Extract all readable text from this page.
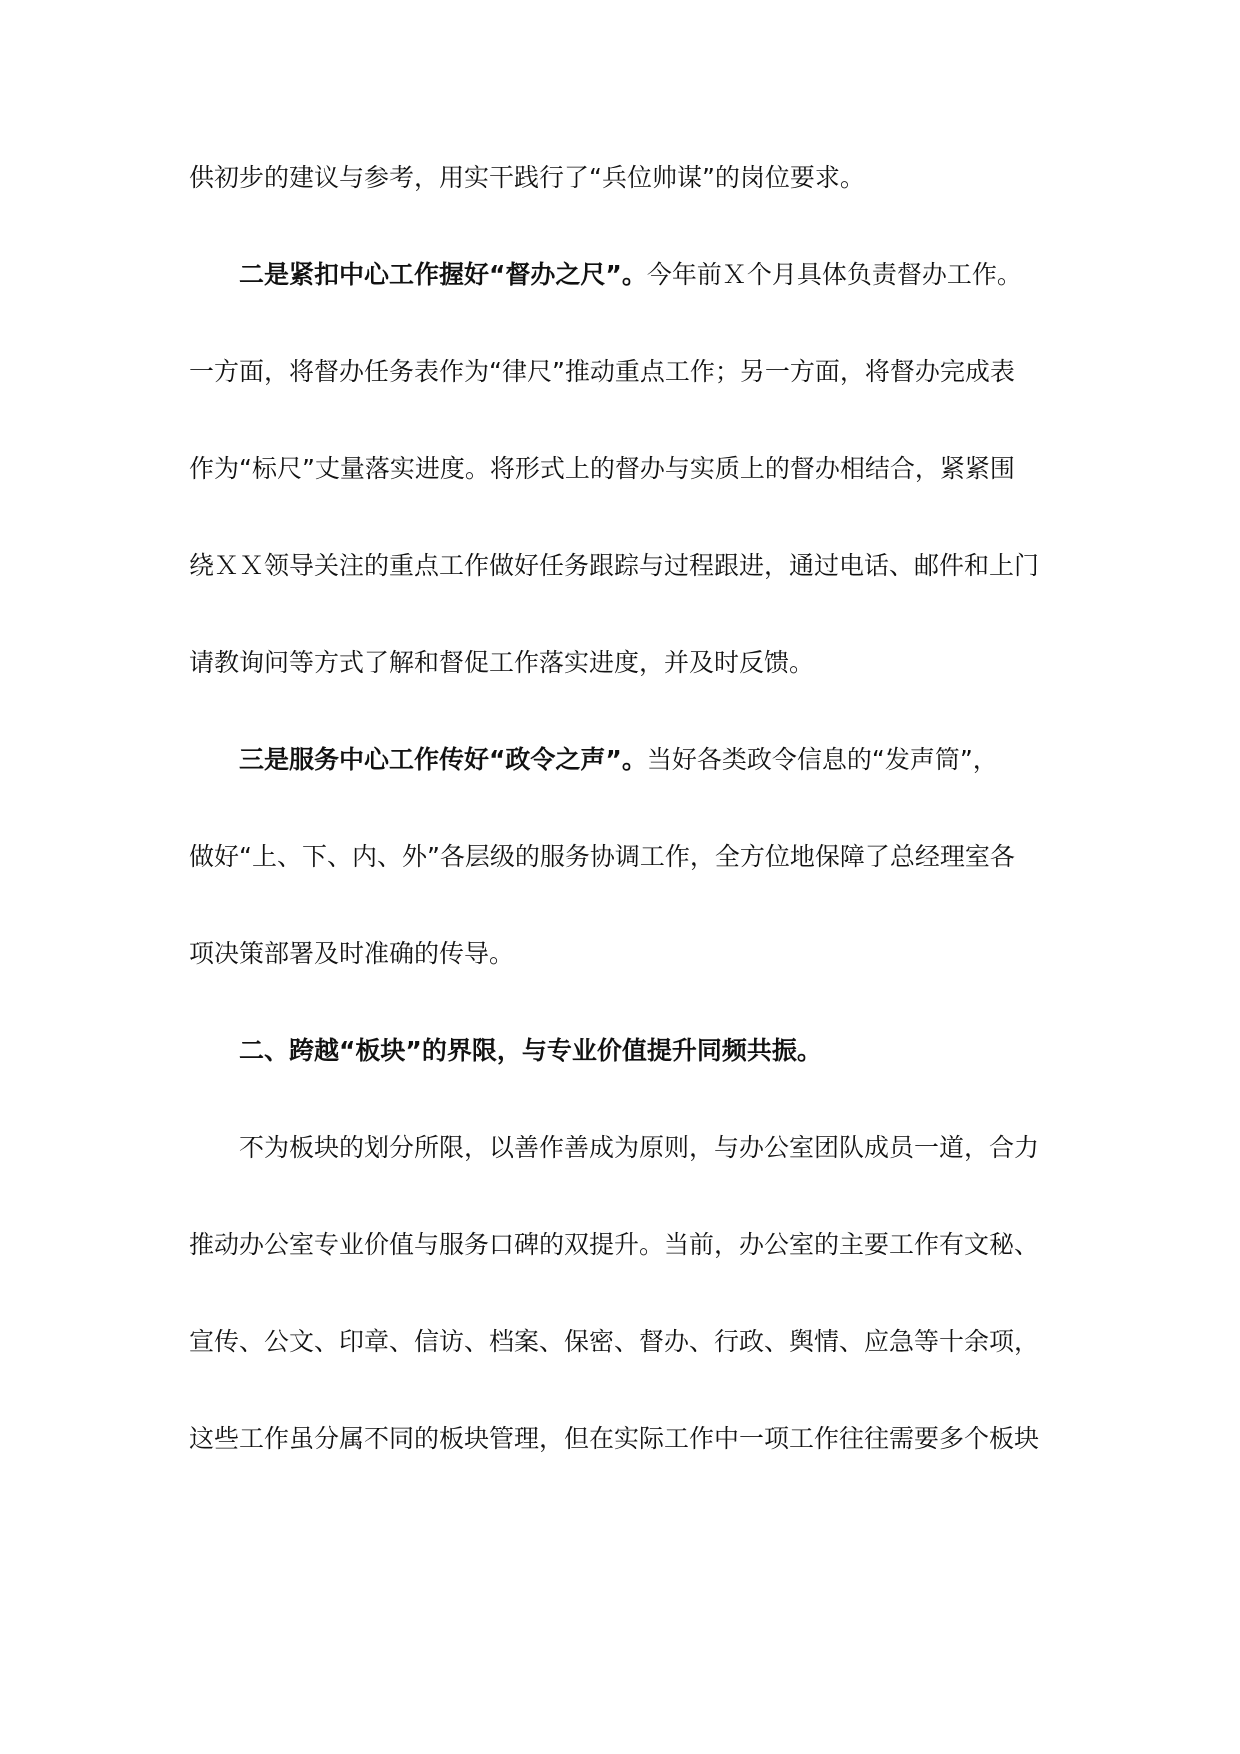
供初步的建议与参考，用实干践行了“兵位帅谋”的岗位要求。
二是紧扣中心工作握好“督办之尺”。今年前Ｘ个月具体负责督办工作。
一方面，将督办任务表作为“律尺”推动重点工作；另一方面，将督办完成表
作为“标尺”丈量落实进度。将形式上的督办与实质上的督办相结合，紧紧围
绕ＸＸ领导关注的重点工作做好任务跟踪与过程跟进，通过电话、邮件和上门
请教询问等方式了解和督促工作落实进度，并及时反馈。
三是服务中心工作传好“政令之声”。当好各类政令信息的“发声筒”，
做好“上、下、内、外”各层级的服务协调工作，全方位地保障了总经理室各
项决策部署及时准确的传导。
二、跨越“板块”的界限，与专业价值提升同频共振。
不为板块的划分所限，以善作善成为原则，与办公室团队成员一道，合力
推动办公室专业价值与服务口碑的双提升。当前，办公室的主要工作有文秘、
宣传、公文、印章、信访、档案、保密、督办、行政、舆情、应急等十余项，
这些工作虽分属不同的板块管理，但在实际工作中一项工作往往需要多个板块
